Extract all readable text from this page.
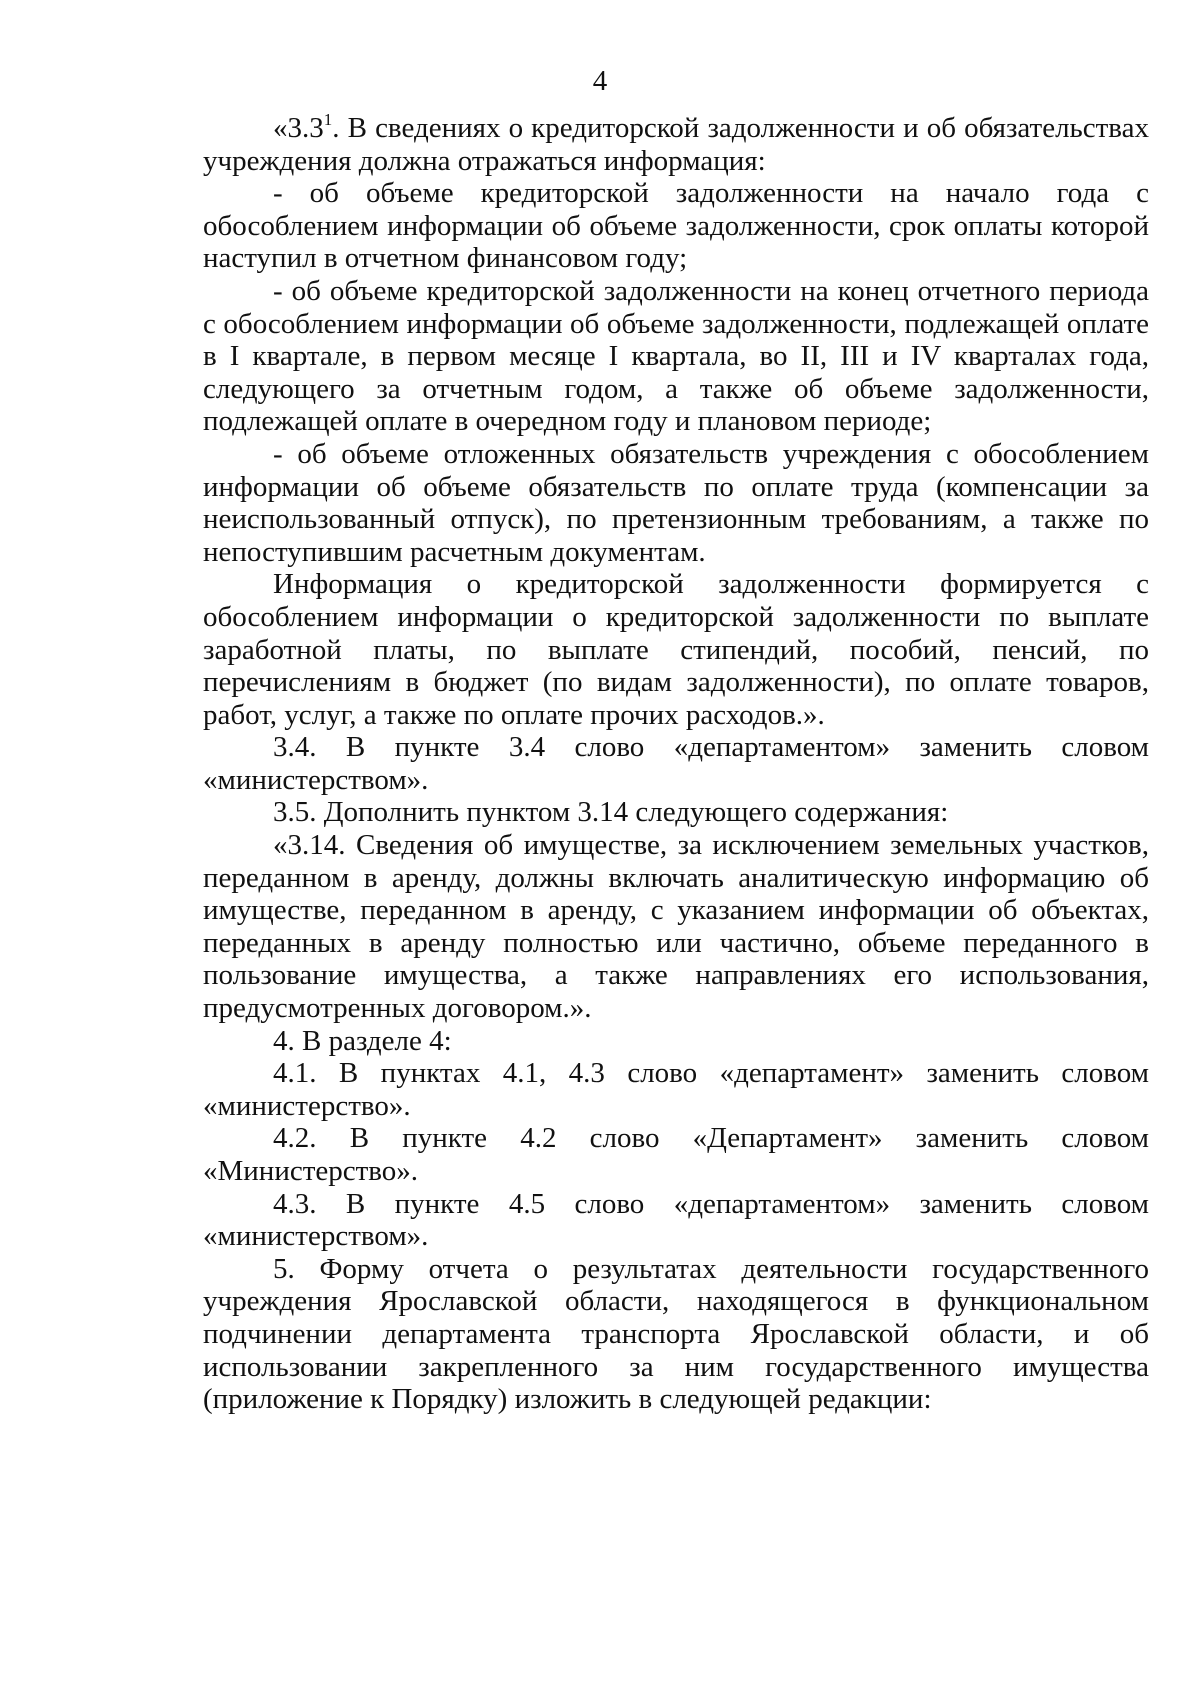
4

«$3.3^1$. В сведениях о кредиторской задолженности и об обязательствах учреждения должна отражаться информация:

- об объеме кредиторской задолженности на начало года с обособлением информации об объеме задолженности, срок оплаты которой наступил в отчетном финансовом году;

- об объеме кредиторской задолженности на конец отчетного периода с обособлением информации об объеме задолженности, подлежащей оплате в I квартале, в первом месяце I квартала, во II, III и IV кварталах года, следующего за отчетным годом, а также об объеме задолженности, подлежащей оплате в очередном году и плановом периоде;

- об объеме отложенных обязательств учреждения с обособлением информации об объеме обязательств по оплате труда (компенсации за неиспользованный отпуск), по претензионным требованиям, а также по непоступившим расчетным документам.

Информация о кредиторской задолженности формируется с обособлением информации о кредиторской задолженности по выплате заработной платы, по выплате стипендий, пособий, пенсий, по перечислениям в бюджет (по видам задолженности), по оплате товаров, работ, услуг, а также по оплате прочих расходов.».

3.4. В пункте 3.4 слово «департаментом» заменить словом «министерством».

3.5. Дополнить пунктом 3.14 следующего содержания:

«3.14. Сведения об имуществе, за исключением земельных участков, переданном в аренду, должны включать аналитическую информацию об имуществе, переданном в аренду, с указанием информации об объектах, переданных в аренду полностью или частично, объеме переданного в пользование имущества, а также направлениях его использования, предусмотренных договором.».

4. В разделе 4:

4.1. В пунктах 4.1, 4.3 слово «департамент» заменить словом «министерство».

4.2. В пункте 4.2 слово «Департамент» заменить словом «Министерство».

4.3. В пункте 4.5 слово «департаментом» заменить словом «министерством».

5. Форму отчета о результатах деятельности государственного учреждения Ярославской области, находящегося в функциональном подчинении департамента транспорта Ярославской области, и об использовании закрепленного за ним государственного имущества (приложение к Порядку) изложить в следующей редакции:
